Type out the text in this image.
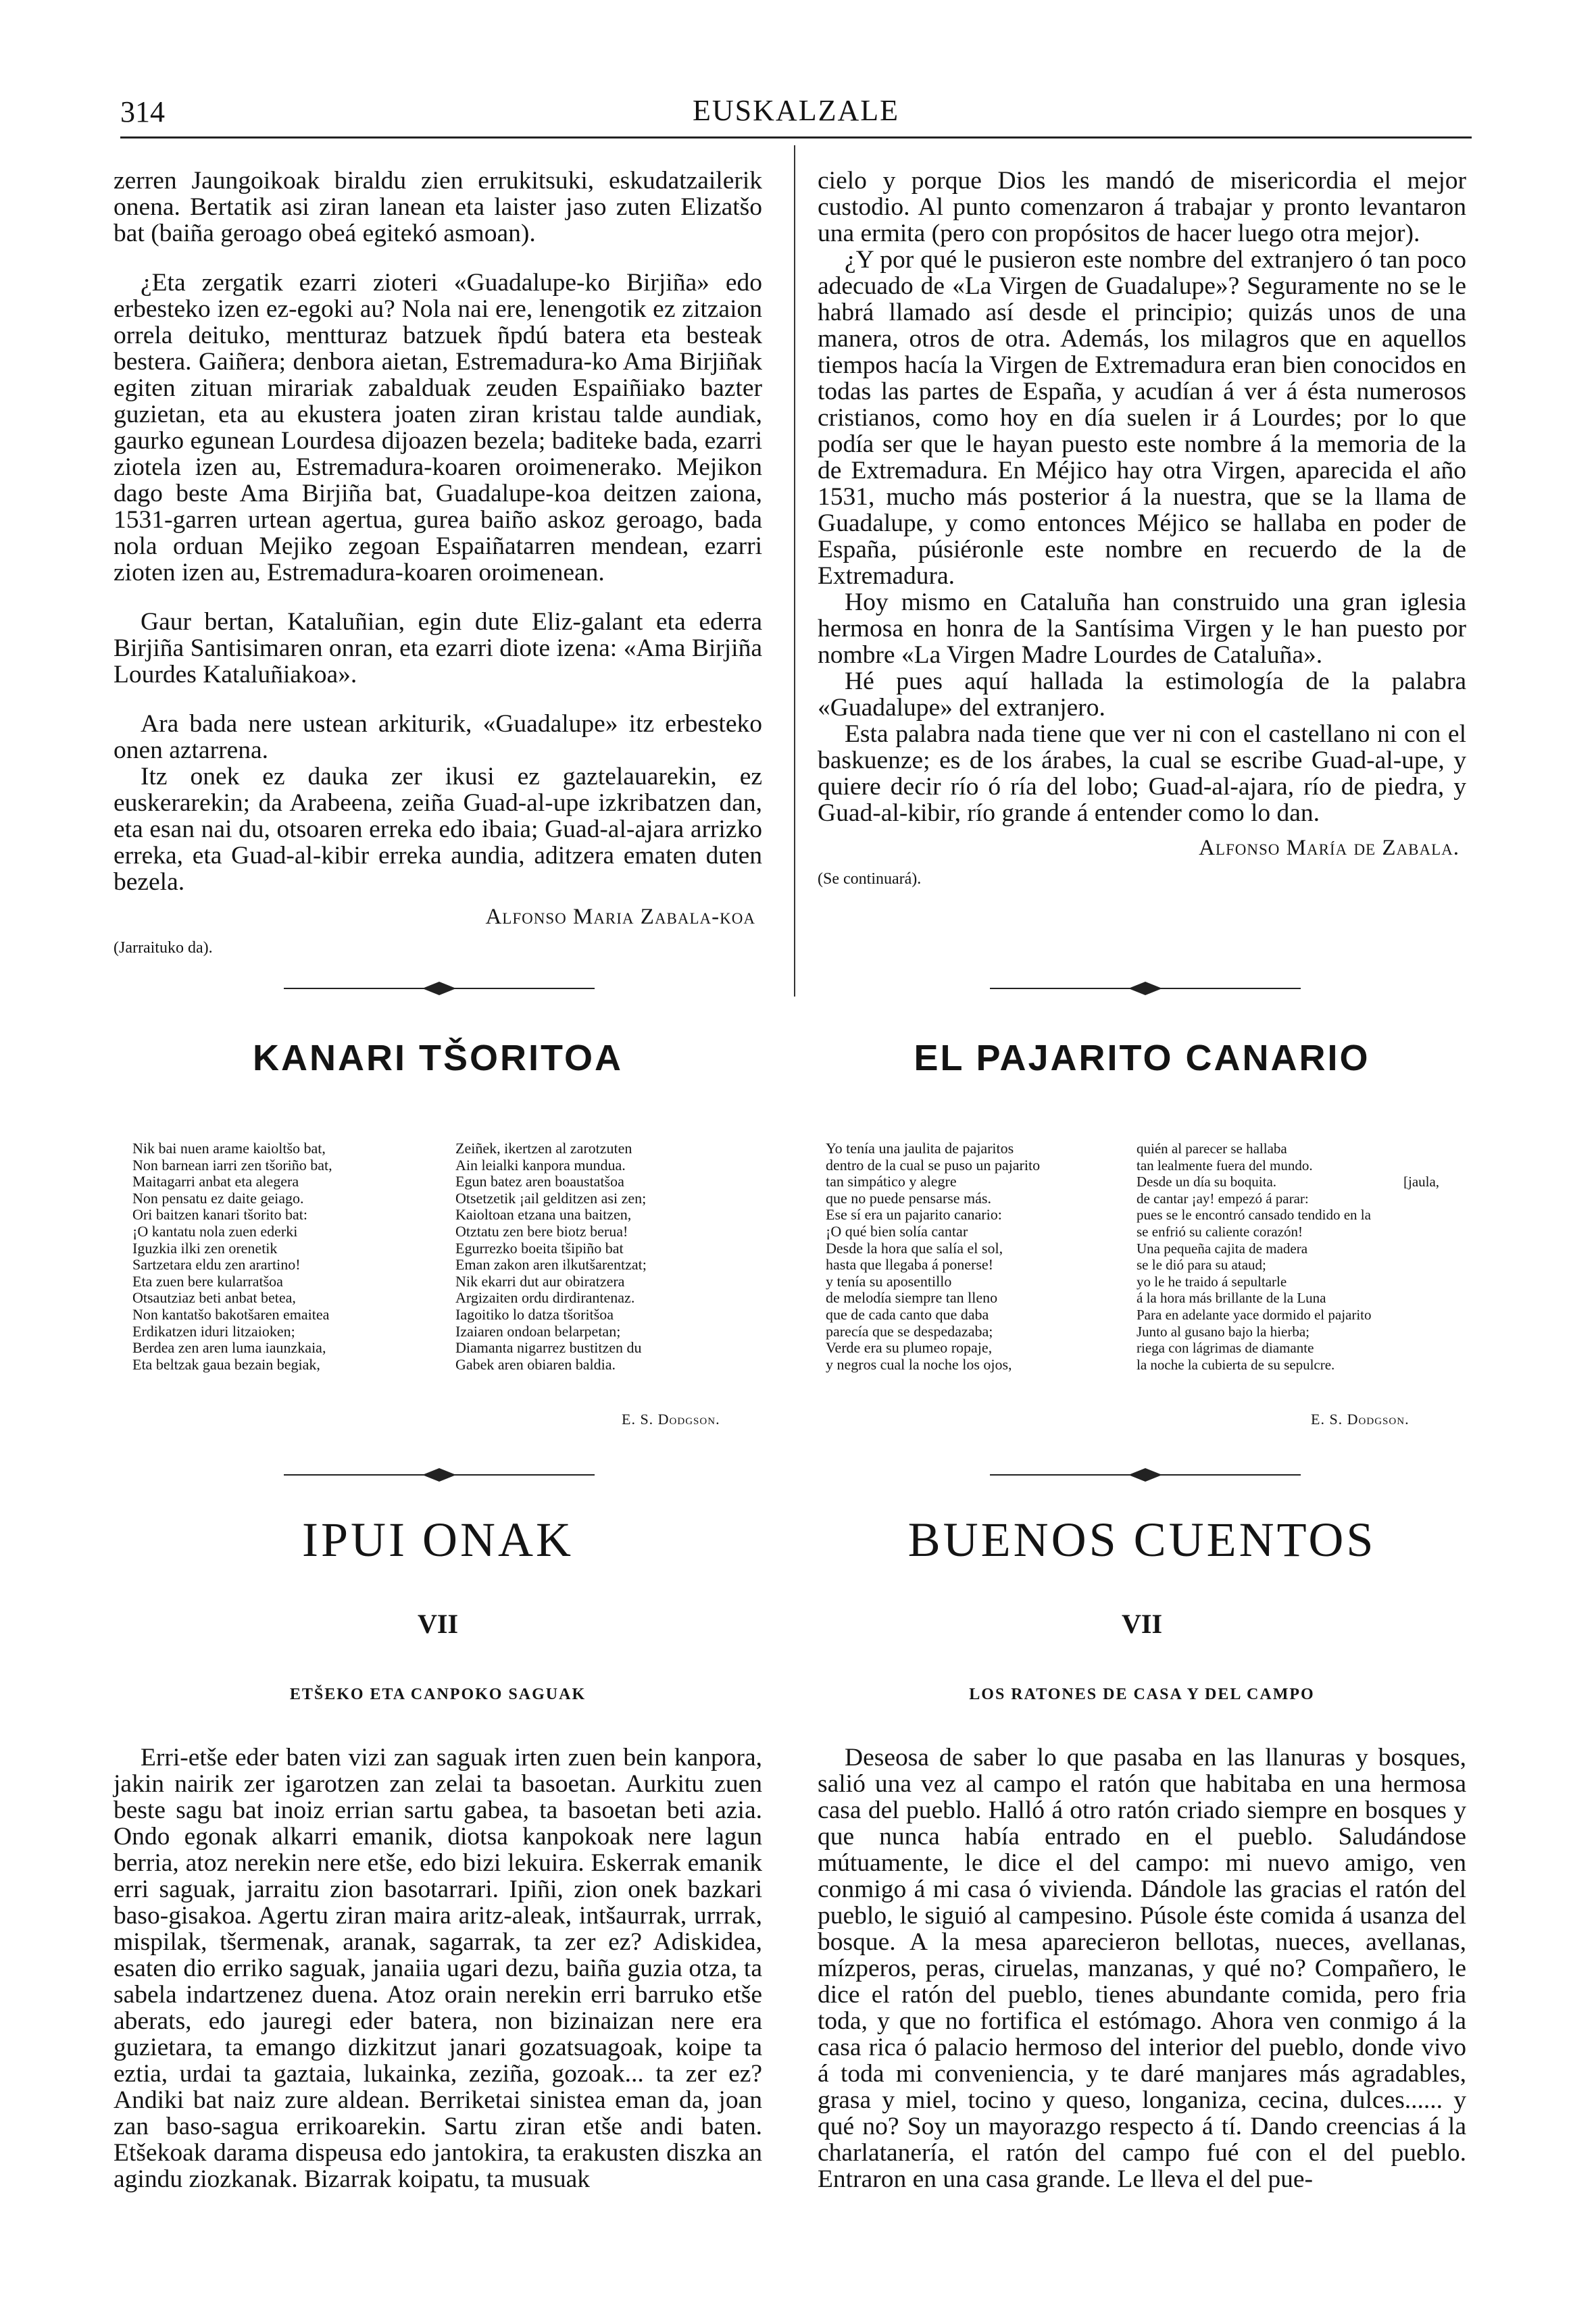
314	EUSKALZALE

zerren Jaungoikoak biraldu zien errukitsuki, eskudatzailerik onena. Bertatik asi ziran lanean eta laister jaso zuten Elizatšo bat (baiña geroago obeá egitekó asmoan).

¿Eta zergatik ezarri zioteri «Guadalupe-ko Birjiña» edo erbesteko izen ez-egoki au? Nola nai ere, lenengotik ez zitzaion orrela deituko, mentturaz batzuek ñpdú batera eta besteak bestera. Gaiñera; denbora aietan, Estremadura-ko Ama Birjiñak egiten zituan mirariak zabalduak zeuden Espaiñiako bazter guzietan, eta au ekustera joaten ziran kristau talde aundiak, gaurko egunean Lourdesa dijoazen bezela; baditeke bada, ezarri ziotela izen au, Estremadura-koaren oroimenerako. Mejikon dago beste Ama Birjiña bat, Guadalupe-koa deitzen zaiona, 1531-garren urtean agertua, gurea baiño askoz geroago, bada nola orduan Mejiko zegoan Espaiñatarren mendean, ezarri zioten izen au, Estremadura-koaren oroimenean.

Gaur bertan, Kataluñian, egin dute Eliz-galant eta ederra Birjiña Santisimaren onran, eta ezarri diote izena: «Ama Birjiña Lourdes Kataluñiakoa».

Ara bada nere ustean arkiturik, «Guadalupe» itz erbesteko onen aztarrena.

Itz onek ez dauka zer ikusi ez gaztelauarekin, ez euskerarekin; da Arabeena, zeiña Guad-al-upe izkribatzen dan, eta esan nai du, otsoaren erreka edo ibaia; Guad-al-ajara arrizko erreka, eta Guad-al-kibir erreka aundia, aditzera ematen duten bezela.

Alfonso Maria Zabala-koa
(Jarraituko da).

cielo y porque Dios les mandó de misericordia el mejor custodio. Al punto comenzaron á trabajar y pronto levantaron una ermita (pero con propósitos de hacer luego otra mejor).

¿Y por qué le pusieron este nombre del extranjero ó tan poco adecuado de «La Virgen de Guadalupe»? Seguramente no se le habrá llamado así desde el principio; quizás unos de una manera, otros de otra. Además, los milagros que en aquellos tiempos hacía la Virgen de Extremadura eran bien conocidos en todas las partes de España, y acudían á ver á ésta numerosos cristianos, como hoy en día suelen ir á Lourdes; por lo que podía ser que le hayan puesto este nombre á la memoria de la de Extremadura. En Méjico hay otra Virgen, aparecida el año 1531, mucho más posterior á la nuestra, que se la llama de Guadalupe, y como entonces Méjico se hallaba en poder de España, púsiéronle este nombre en recuerdo de la de Extremadura.

Hoy mismo en Cataluña han construido una gran iglesia hermosa en honra de la Santísima Virgen y le han puesto por nombre «La Virgen Madre Lourdes de Cataluña».

Hé pues aquí hallada la estimología de la palabra «Guadalupe» del extranjero.

Esta palabra nada tiene que ver ni con el castellano ni con el baskuenze; es de los árabes, la cual se escribe Guad-al-upe, y quiere decir río ó ría del lobo; Guad-al-ajara, río de piedra, y Guad-al-kibir, río grande á entender como lo dan.

Alfonso María de Zabala.
(Se continuará).
KANARI TŠORITOA	EL PAJARITO CANARIO
Nik bai nuen arame kaioltšo bat,
Non barnean iarri zen tšoriño bat,
Maitagarri anbat eta alegera
Non pensatu ez daite geiago.
Ori baitzen kanari tšorito bat:
¡O kantatu nola zuen ederki
Iguzkia ilki zen orenetik
Sartzetara eldu zen arartino!
Eta zuen bere kularratšoa
Otsautziaz beti anbat betea,
Non kantatšo bakotšaren emaitea
Erdikatzen iduri litzaioken;
Berdea zen aren luma iaunzkaia,
Eta beltzak gaua bezain begiak,
Zeiñek, ikertzen al zarotzuten
Ain leialki kanpora mundua.
Egun batez aren boaustatšoa
Otsetzetik ¡ail gelditzen asi zen;
Kaioltoan etzana una baitzen,
Otztatu zen bere biotz berua!
Egurrezko boeita tšipiño bat
Eman zakon aren ilkutšarentzat;
Nik ekarri dut aur obiratzera
Argizaiten ordu dirdirantenaz.
Iagoitiko lo datza tšoritšoa
Izaiaren ondoan belarpetan;
Diamanta nigarrez bustitzen du
Gabek aren obiaren baldia.
E. S. Dodgson.
Yo tenía una jaulita de pajaritos
dentro de la cual se puso un pajarito
tan simpático y alegre
que no puede pensarse más.
Ese sí era un pajarito canario:
¡O qué bien solía cantar
Desde la hora que salía el sol,
hasta que llegaba á ponerse!
y tenía su aposentillo
de melodía siempre tan lleno
que de cada canto que daba
parecía que se despedazaba;
Verde era su plumeo ropaje,
y negros cual la noche los ojos,
quién al parecer se hallaba
tan lealmente fuera del mundo.
Desde un día su boquita.
de cantar ¡ay! empezó á parar:
pues se le encontró cansado tendido en la
se enfrió su caliente corazón!
Una pequeña cajita de madera
se le dió para su ataud;
yo le he traido á sepultarle
á la hora más brillante de la Luna
Para en adelante yace dormido el pajarito
Junto al gusano bajo la hierba;
riega con lágrimas de diamante
la noche la cubierta de su sepulcre.
[jaula,
E. S. Dodgson.
IPUI ONAK	BUENOS CUENTOS
VII	VII
ETŠEKO ETA CANPOKO SAGUAK	LOS RATONES DE CASA Y DEL CAMPO

Erri-etše eder baten vizi zan saguak irten zuen bein kanpora, jakin nairik zer igarotzen zan zelai ta basoetan. Aurkitu zuen beste sagu bat inoiz errian sartu gabea, ta basoetan beti azia. Ondo egonak alkarri emanik, diotsa kanpokoak nere lagun berria, atoz nerekin nere etše, edo bizi lekuira. Eskerrak emanik erri saguak, jarraitu zion basotarrari. Ipiñi, zion onek bazkari baso-gisakoa. Agertu ziran maira aritz-aleak, intšaurrak, urrrak, mispilak, tšermenak, aranak, sagarrak, ta zer ez? Adiskidea, esaten dio erriko saguak, janaiia ugari dezu, baiña guzia otza, ta sabela indartzenez duena. Atoz orain nerekin erri barruko etše aberats, edo jauregi eder batera, non bizinaizan nere era guzietara, ta emango dizkitzut janari gozatsuagoak, koipe ta eztia, urdai ta gaztaia, lukainka, zeziña, gozoak... ta zer ez? Andiki bat naiz zure aldean. Berriketai sinistea eman da, joan zan baso-sagua errikoarekin. Sartu ziran etše andi baten. Etšekoak darama dispeusa edo jantokira, ta erakusten diszka an agindu ziozkanak. Bizarrak koipatu, ta musuak

Deseosa de saber lo que pasaba en las llanuras y bosques, salió una vez al campo el ratón que habitaba en una hermosa casa del pueblo. Halló á otro ratón criado siempre en bosques y que nunca había entrado en el pueblo. Saludándose mútuamente, le dice el del campo: mi nuevo amigo, ven conmigo á mi casa ó vivienda. Dándole las gracias el ratón del pueblo, le siguió al campesino. Púsole éste comida á usanza del bosque. A la mesa aparecieron bellotas, nueces, avellanas, mízperos, peras, ciruelas, manzanas, y qué no? Compañero, le dice el ratón del pueblo, tienes abundante comida, pero fria toda, y que no fortifica el estómago. Ahora ven conmigo á la casa rica ó palacio hermoso del interior del pueblo, donde vivo á toda mi conveniencia, y te daré manjares más agradables, grasa y miel, tocino y queso, longaniza, cecina, dulces...... y qué no? Soy un mayorazgo respecto á tí. Dando creencias á la charlatanería, el ratón del campo fué con el del pueblo. Entraron en una casa grande. Le lleva el del pue-
